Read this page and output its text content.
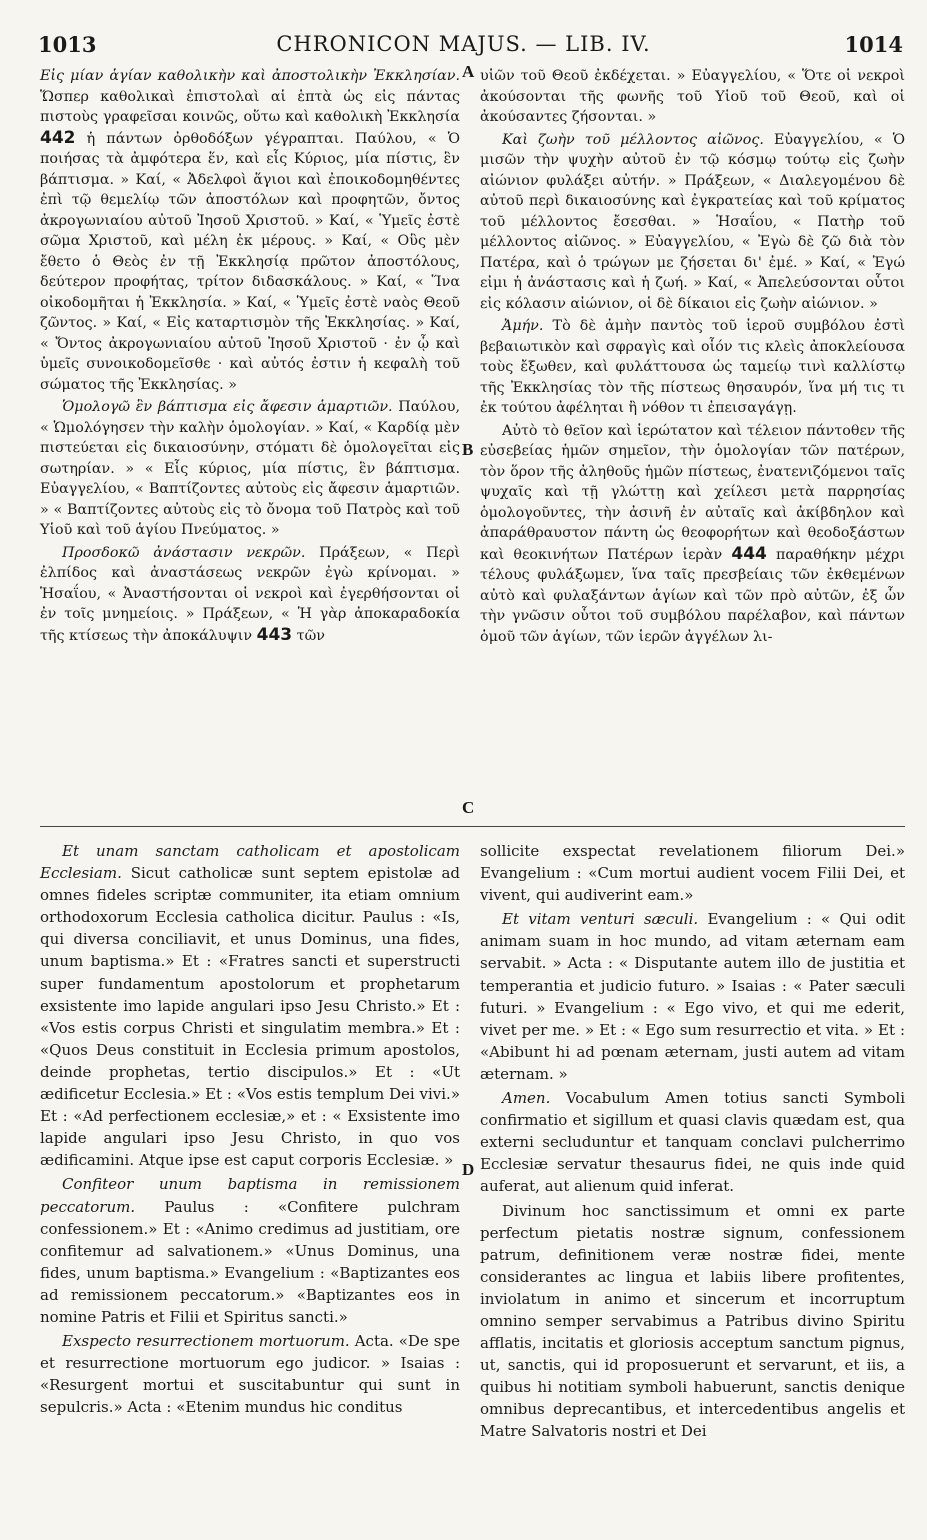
1013	CHRONICON MAJUS. — LIB. IV.	1014
A
B
C
D

Εἰς μίαν ἁγίαν καθολικὴν καὶ ἀποστολικὴν Ἐκκλησίαν. Ὥσπερ καθολικαὶ ἐπιστολαὶ αἱ ἑπτὰ ὡς εἰς πάντας πιστοὺς γραφεῖσαι κοινῶς, οὕτω καὶ καθολικὴ Ἐκκλησία 442 ἡ πάντων ὀρθοδόξων γέγραπται. Παύλου, « Ὁ ποιήσας τὰ ἀμφότερα ἕν, καὶ εἷς Κύριος, μία πίστις, ἓν βάπτισμα. » Καί, « Ἀδελφοὶ ἅγιοι καὶ ἐποικοδομηθέντες ἐπὶ τῷ θεμελίῳ τῶν ἀποστόλων καὶ προφητῶν, ὄντος ἀκρογωνιαίου αὐτοῦ Ἰησοῦ Χριστοῦ. » Καί, « Ὑμεῖς ἐστὲ σῶμα Χριστοῦ, καὶ μέλη ἐκ μέρους. » Καί, « Οὓς μὲν ἔθετο ὁ Θεὸς ἐν τῇ Ἐκκλησίᾳ πρῶτον ἀποστόλους, δεύτερον προφήτας, τρίτον διδασκάλους. » Καί, « Ἵνα οἰκοδομῆται ἡ Ἐκκλησία. » Καί, « Ὑμεῖς ἐστὲ ναὸς Θεοῦ ζῶντος. » Καί, « Εἰς καταρτισμὸν τῆς Ἐκκλησίας. » Καί, « Ὄντος ἀκρογωνιαίου αὐτοῦ Ἰησοῦ Χριστοῦ · ἐν ᾧ καὶ ὑμεῖς συνοικοδομεῖσθε · καὶ αὐτός ἐστιν ἡ κεφαλὴ τοῦ σώματος τῆς Ἐκκλησίας. »

Ὁμολογῶ ἓν βάπτισμα εἰς ἄφεσιν ἁμαρτιῶν. Παύλου, « Ὡμολόγησεν τὴν καλὴν ὁμολογίαν. » Καί, « Καρδίᾳ μὲν πιστεύεται εἰς δικαιοσύνην, στόματι δὲ ὁμολογεῖται εἰς σωτηρίαν. » « Εἷς κύριος, μία πίστις, ἓν βάπτισμα. Εὐαγγελίου, « Βαπτίζοντες αὐτοὺς εἰς ἄφεσιν ἁμαρτιῶν. » « Βαπτίζοντες αὐτοὺς εἰς τὸ ὄνομα τοῦ Πατρὸς καὶ τοῦ Υἱοῦ καὶ τοῦ ἁγίου Πνεύματος. »

Προσδοκῶ ἀνάστασιν νεκρῶν. Πράξεων, « Περὶ ἐλπίδος καὶ ἀναστάσεως νεκρῶν ἐγὼ κρίνομαι. » Ἡσαΐου, « Ἀναστήσονται οἱ νεκροὶ καὶ ἐγερθήσονται οἱ ἐν τοῖς μνημείοις. » Πράξεων, « Ἡ γὰρ ἀποκαραδοκία τῆς κτίσεως τὴν ἀποκάλυψιν 443 τῶν

υἱῶν τοῦ Θεοῦ ἐκδέχεται. » Εὐαγγελίου, « Ὅτε οἱ νεκροὶ ἀκούσονται τῆς φωνῆς τοῦ Υἱοῦ τοῦ Θεοῦ, καὶ οἱ ἀκούσαντες ζήσονται. »

Καὶ ζωὴν τοῦ μέλλοντος αἰῶνος. Εὐαγγελίου, « Ὁ μισῶν τὴν ψυχὴν αὐτοῦ ἐν τῷ κόσμῳ τούτῳ εἰς ζωὴν αἰώνιον φυλάξει αὐτήν. » Πράξεων, « Διαλεγομένου δὲ αὐτοῦ περὶ δικαιοσύνης καὶ ἐγκρατείας καὶ τοῦ κρίματος τοῦ μέλλοντος ἔσεσθαι. » Ἡσαΐου, « Πατὴρ τοῦ μέλλοντος αἰῶνος. » Εὐαγγελίου, « Ἐγὼ δὲ ζῶ διὰ τὸν Πατέρα, καὶ ὁ τρώγων με ζήσεται δι' ἐμέ. » Καί, « Ἐγώ εἰμι ἡ ἀνάστασις καὶ ἡ ζωή. » Καί, « Ἀπελεύσονται οὗτοι εἰς κόλασιν αἰώνιον, οἱ δὲ δίκαιοι εἰς ζωὴν αἰώνιον. »

Ἀμήν. Τὸ δὲ ἀμὴν παντὸς τοῦ ἱεροῦ συμβόλου ἐστὶ βεβαιωτικὸν καὶ σφραγὶς καὶ οἷόν τις κλεὶς ἀποκλείουσα τοὺς ἔξωθεν, καὶ φυλάττουσα ὡς ταμείῳ τινὶ καλλίστῳ τῆς Ἐκκλησίας τὸν τῆς πίστεως θησαυρόν, ἵνα μή τις τι ἐκ τούτου ἀφέληται ἢ νόθον τι ἐπεισαγάγῃ.

Αὐτὸ τὸ θεῖον καὶ ἱερώτατον καὶ τέλειον πάντοθεν τῆς εὐσεβείας ἡμῶν σημεῖον, τὴν ὁμολογίαν τῶν πατέρων, τὸν ὅρον τῆς ἀληθοῦς ἡμῶν πίστεως, ἐνατενιζόμενοι ταῖς ψυχαῖς καὶ τῇ γλώττῃ καὶ χείλεσι μετὰ παρρησίας ὁμολογοῦντες, τὴν ἀσινῆ ἐν αὐταῖς καὶ ἀκίβδηλον καὶ ἀπαράθραυστον πάντη ὡς θεοφορήτων καὶ θεοδοξάστων καὶ θεοκινήτων Πατέρων ἱερὰν 444 παραθήκην μέχρι τέλους φυλάξωμεν, ἵνα ταῖς πρεσβείαις τῶν ἐκθεμένων αὐτὸ καὶ φυλαξάντων ἁγίων καὶ τῶν πρὸ αὐτῶν, ἐξ ὧν τὴν γνῶσιν οὗτοι τοῦ συμβόλου παρέλαβον, καὶ πάντων ὁμοῦ τῶν ἁγίων, τῶν ἱερῶν ἀγγέλων λι-

Et unam sanctam catholicam et apostolicam Ecclesiam. Sicut catholicæ sunt septem epistolæ ad omnes fideles scriptæ communiter, ita etiam omnium orthodoxorum Ecclesia catholica dicitur. Paulus : «Is, qui diversa conciliavit, et unus Dominus, una fides, unum baptisma.» Et : «Fratres sancti et superstructi super fundamentum apostolorum et prophetarum exsistente imo lapide angulari ipso Jesu Christo.» Et : «Vos estis corpus Christi et singulatim membra.» Et : «Quos Deus constituit in Ecclesia primum apostolos, deinde prophetas, tertio discipulos.» Et : «Ut ædificetur Ecclesia.» Et : «Vos estis templum Dei vivi.» Et : «Ad perfectionem ecclesiæ,» et : « Exsistente imo lapide angulari ipso Jesu Christo, in quo vos ædificamini. Atque ipse est caput corporis Ecclesiæ. »

Confiteor unum baptisma in remissionem peccatorum. Paulus : «Confitere pulchram confessionem.» Et : «Animo credimus ad justitiam, ore confitemur ad salvationem.» «Unus Dominus, una fides, unum baptisma.» Evangelium : «Baptizantes eos ad remissionem peccatorum.» «Baptizantes eos in nomine Patris et Filii et Spiritus sancti.»

Exspecto resurrectionem mortuorum. Acta. «De spe et resurrectione mortuorum ego judicor. » Isaias : «Resurgent mortui et suscitabuntur qui sunt in sepulcris.» Acta : «Etenim mundus hic conditus

sollicite exspectat revelationem filiorum Dei.» Evangelium : «Cum mortui audient vocem Filii Dei, et vivent, qui audiverint eam.»

Et vitam venturi sæculi. Evangelium : « Qui odit animam suam in hoc mundo, ad vitam æternam eam servabit. » Acta : « Disputante autem illo de justitia et temperantia et judicio futuro. » Isaias : « Pater sæculi futuri. » Evangelium : « Ego vivo, et qui me ederit, vivet per me. » Et : « Ego sum resurrectio et vita. » Et : «Abibunt hi ad pœnam æternam, justi autem ad vitam æternam. »

Amen. Vocabulum Amen totius sancti Symboli confirmatio et sigillum et quasi clavis quædam est, qua externi secluduntur et tanquam conclavi pulcherrimo Ecclesiæ servatur thesaurus fidei, ne quis inde quid auferat, aut alienum quid inferat.

Divinum hoc sanctissimum et omni ex parte perfectum pietatis nostræ signum, confessionem patrum, definitionem veræ nostræ fidei, mente considerantes ac lingua et labiis libere profitentes, inviolatum in animo et sincerum et incorruptum omnino semper servabimus a Patribus divino Spiritu afflatis, incitatis et gloriosis acceptum sanctum pignus, ut, sanctis, qui id proposuerunt et servarunt, et iis, a quibus hi notitiam symboli habuerunt, sanctis denique omnibus deprecantibus, et intercedentibus angelis et Matre Salvatoris nostri et Dei
